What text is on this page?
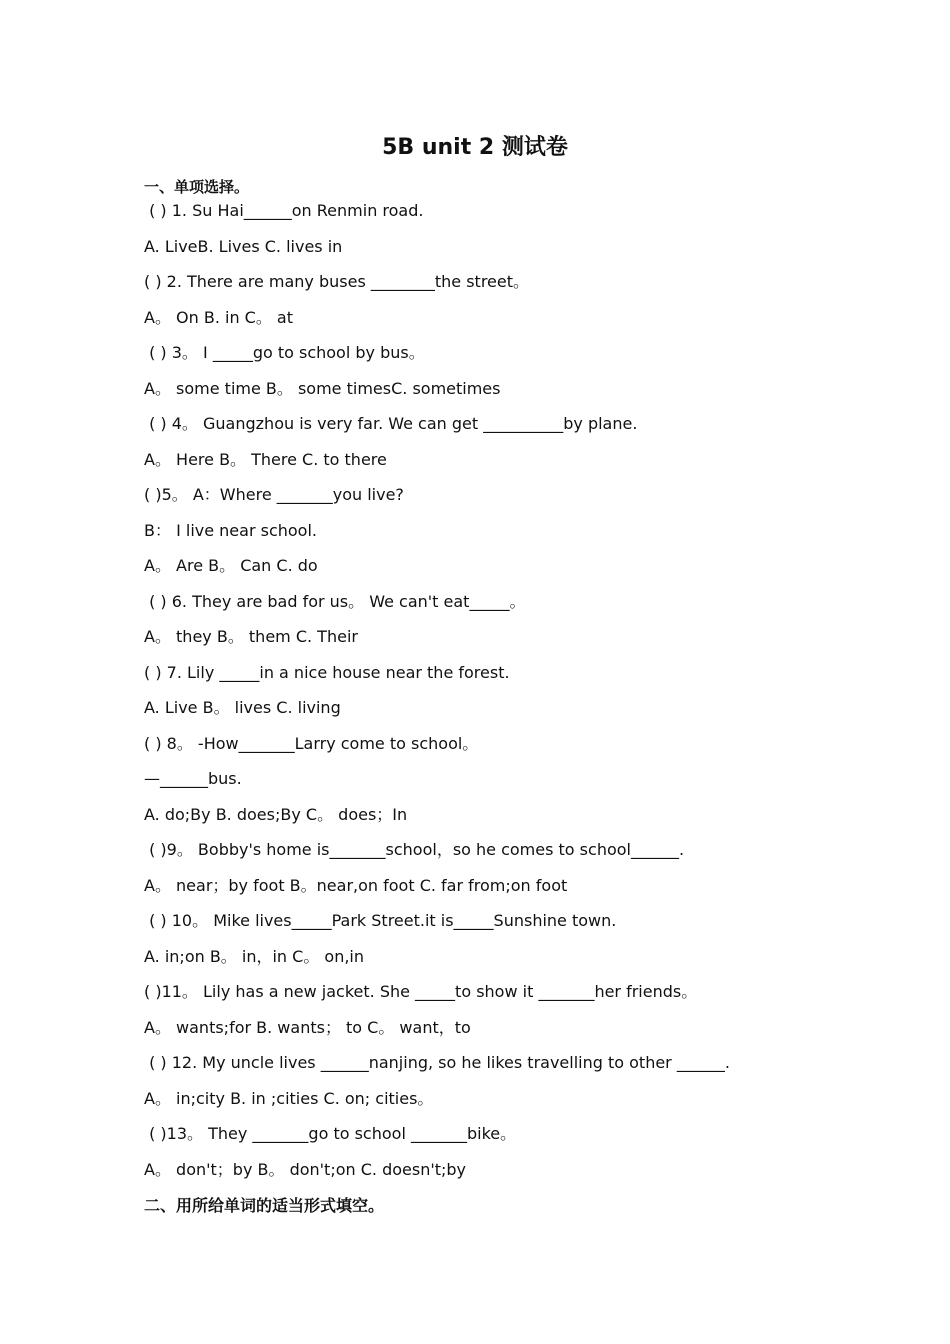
5B unit 2 测试卷
一、单项选择。
( ) 1. Su Hai______on Renmin road.
A. LiveB. Lives C. lives in
( ) 2. There are many buses ________the street。
A。 On B. in C。 at
( ) 3。 I _____go to school by bus。
A。 some time B。 some timesC. sometimes
( ) 4。 Guangzhou is very far. We can get __________by plane.
A。 Here B。 There C. to there
( )5。 A：Where _______you live?
B： I live near school.
A。 Are B。 Can C. do
( ) 6. They are bad for us。 We can't eat_____。
A。 they B。 them C. Their
( ) 7. Lily _____in a nice house near the forest.
A. Live B。 lives C. living
( ) 8。 -How_______Larry come to school。
—______bus.
A. do;By B. does;By C。 does；In
( )9。 Bobby's home is_______school，so he comes to school______.
A。 near；by foot B。near,on foot C. far from;on foot
( ) 10。 Mike lives_____Park Street.it is_____Sunshine town.
A. in;on B。 in，in C。 on,in
( )11。 Lily has a new jacket. She _____to show it _______her friends。
A。 wants;for B. wants； to C。 want，to
( ) 12. My uncle lives ______nanjing, so he likes travelling to other ______.
A。 in;city B. in ;cities C. on; cities。
( )13。 They _______go to school _______bike。
A。 don't；by B。 don't;on C. doesn't;by
二、用所给单词的适当形式填空。
